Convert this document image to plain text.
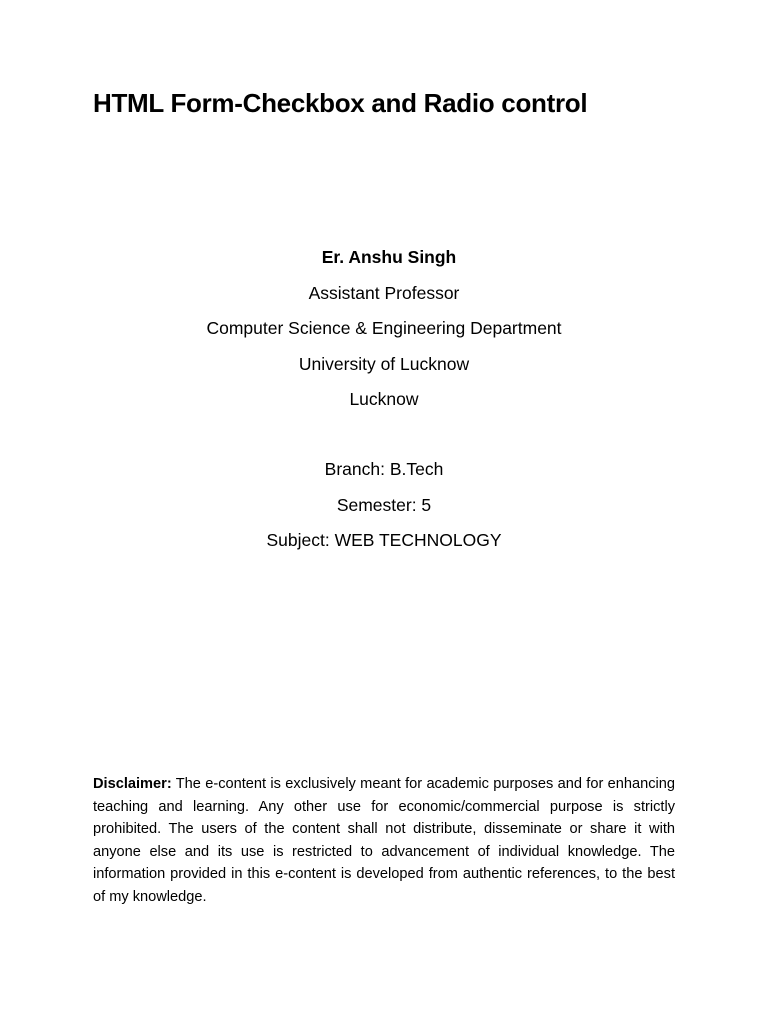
HTML Form-Checkbox and Radio control
Er. Anshu Singh
Assistant Professor
Computer Science & Engineering Department
University of Lucknow
Lucknow
Branch: B.Tech
Semester: 5
Subject: WEB TECHNOLOGY

Disclaimer: The e-content is exclusively meant for academic purposes and for enhancing teaching and learning. Any other use for economic/commercial purpose is strictly prohibited. The users of the content shall not distribute, disseminate or share it with anyone else and its use is restricted to advancement of individual knowledge. The information provided in this e-content is developed from authentic references, to the best of my knowledge.
